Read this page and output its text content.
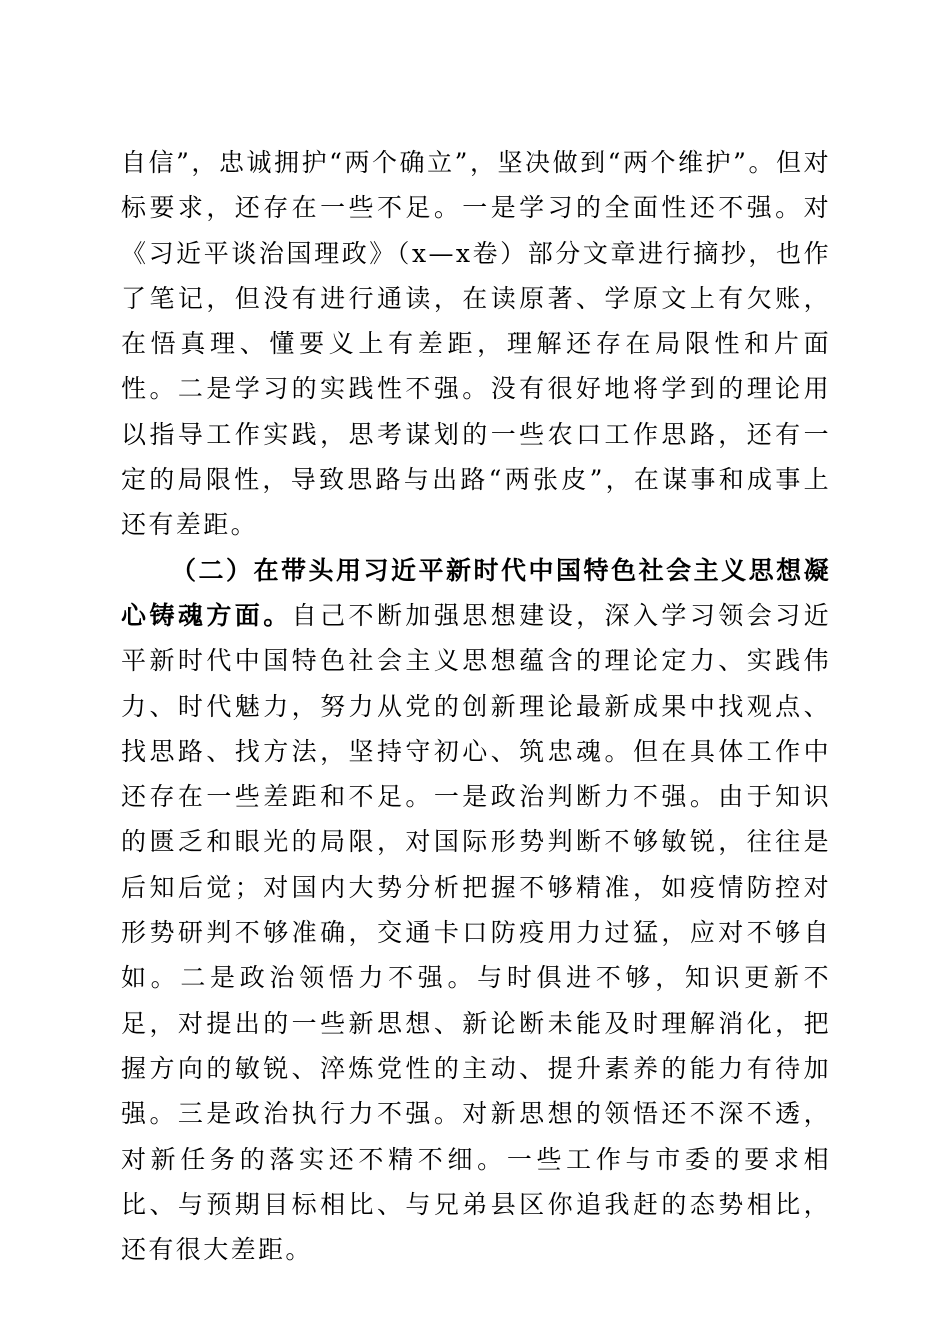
自信”，忠诚拥护“两个确立”，坚决做到“两个维护”。但对标要求，还存在一些不足。一是学习的全面性还不强。对《习近平谈治国理政》（x—x卷）部分文章进行摘抄，也作了笔记，但没有进行通读，在读原著、学原文上有欠账，在悟真理、懂要义上有差距，理解还存在局限性和片面性。二是学习的实践性不强。没有很好地将学到的理论用以指导工作实践，思考谋划的一些农口工作思路，还有一定的局限性，导致思路与出路“两张皮”，在谋事和成事上还有差距。

（二）在带头用习近平新时代中国特色社会主义思想凝心铸魂方面。自己不断加强思想建设，深入学习领会习近平新时代中国特色社会主义思想蕴含的理论定力、实践伟力、时代魅力，努力从党的创新理论最新成果中找观点、找思路、找方法，坚持守初心、筑忠魂。但在具体工作中还存在一些差距和不足。一是政治判断力不强。由于知识的匮乏和眼光的局限，对国际形势判断不够敏锐，往往是后知后觉；对国内大势分析把握不够精准，如疫情防控对形势研判不够准确，交通卡口防疫用力过猛，应对不够自如。二是政治领悟力不强。与时俱进不够，知识更新不足，对提出的一些新思想、新论断未能及时理解消化，把握方向的敏锐、淬炼党性的主动、提升素养的能力有待加强。三是政治执行力不强。对新思想的领悟还不深不透，对新任务的落实还不精不细。一些工作与市委的要求相比、与预期目标相比、与兄弟县区你追我赶的态势相比，还有很大差距。
